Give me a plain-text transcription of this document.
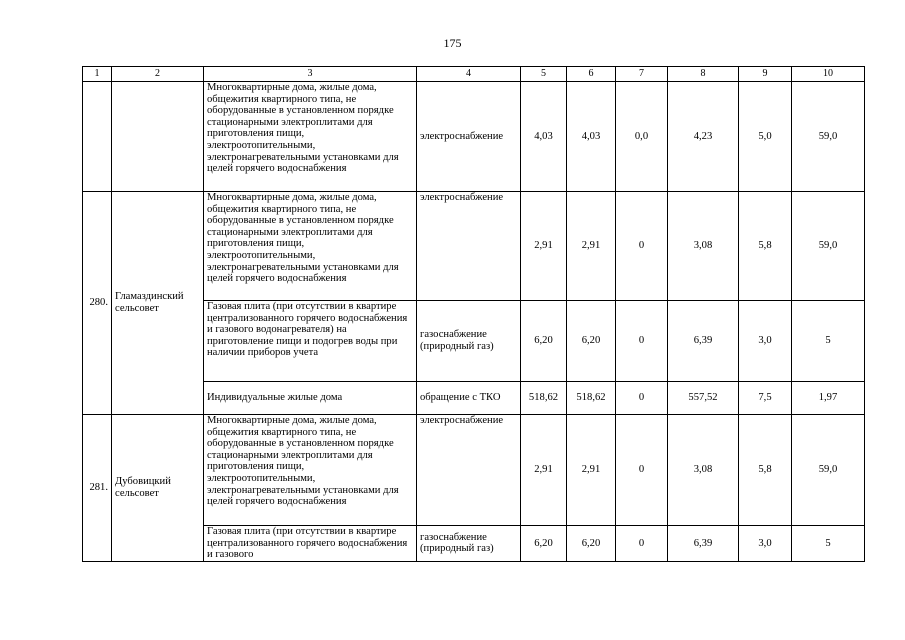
175
1	2	3	4	5	6	7	8	9	10
		Многоквартирные дома, жилые дома, общежития квартирного типа, не оборудованные в установленном порядке стационарными электроплитами для приготовления пищи, электроотопительными, электронагревательными установками для целей горячего водоснабжения	электроснабжение	4,03	4,03	0,0	4,23	5,0	59,0
280.	Гламаздинский сельсовет	Многоквартирные дома, жилые дома, общежития квартирного типа, не оборудованные в установленном порядке стационарными электроплитами для приготовления пищи, электроотопительными, электронагревательными установками для целей горячего водоснабжения	электроснабжение	2,91	2,91	0	3,08	5,8	59,0
		Газовая плита (при отсутствии в квартире централизованного горячего водоснабжения и газового водонагревателя) на приготовление пищи и подогрев воды при наличии приборов учета	газоснабжение (природный газ)	6,20	6,20	0	6,39	3,0	5
		Индивидуальные жилые дома	обращение с ТКО	518,62	518,62	0	557,52	7,5	1,97
281.	Дубовицкий сельсовет	Многоквартирные дома, жилые дома, общежития квартирного типа, не оборудованные в установленном порядке стационарными электроплитами для приготовления пищи, электроотопительными, электронагревательными установками для целей горячего водоснабжения	электроснабжение	2,91	2,91	0	3,08	5,8	59,0
		Газовая плита (при отсутствии в квартире централизованного горячего водоснабжения и газового	газоснабжение (природный газ)	6,20	6,20	0	6,39	3,0	5
